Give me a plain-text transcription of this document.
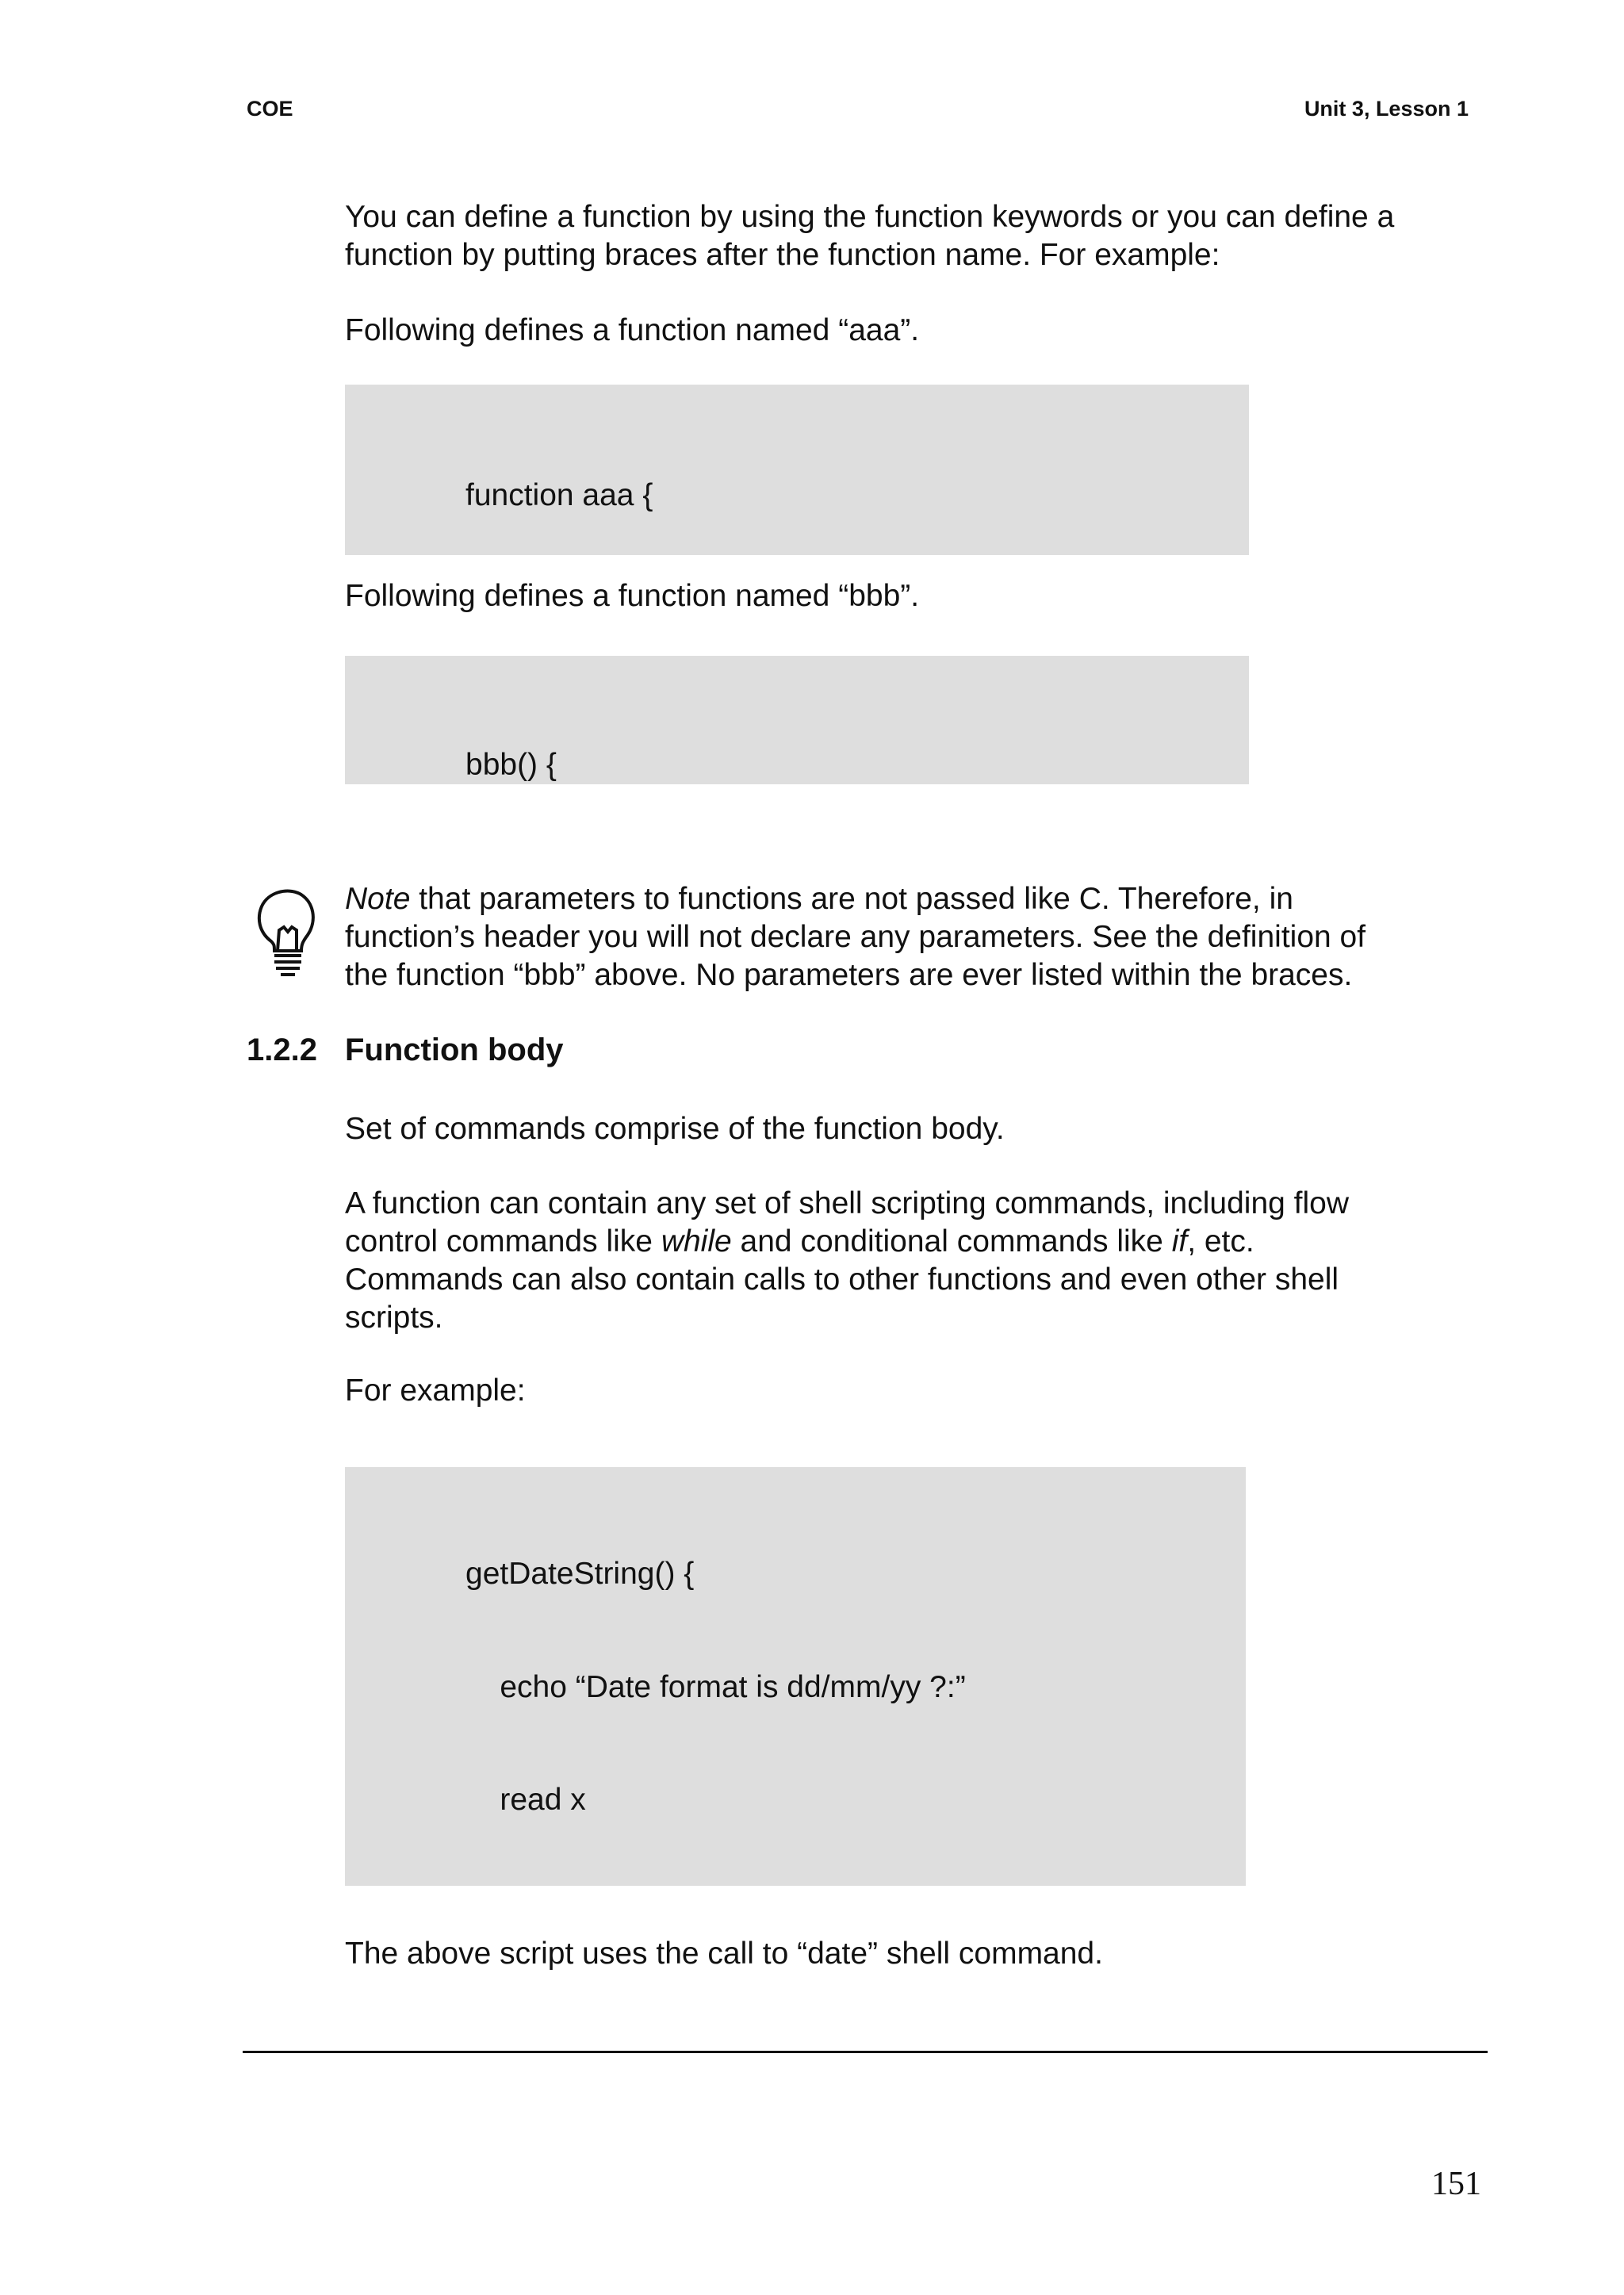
COE	Unit 3, Lesson 1
You can define a function by using the function keywords or you can define a
function by putting braces after the function name. For example:
Following defines a function named “aaa”.

function aaa {

Following defines a function named “bbb”.

bbb() {

Note that parameters to functions are not passed like C. Therefore, in
function’s header you will not declare any parameters. See the definition of
the function “bbb” above. No parameters are ever listed within the braces.
1.2.2 Function body
Set of commands comprise of the function body.
A function can contain any set of shell scripting commands, including flow
control commands like while and conditional commands like if, etc.
Commands can also contain calls to other functions and even other shell
scripts.
For example:

getDateString() {

echo “Date format is dd/mm/yy ?:”

read x

The above script uses the call to “date” shell command.
151
